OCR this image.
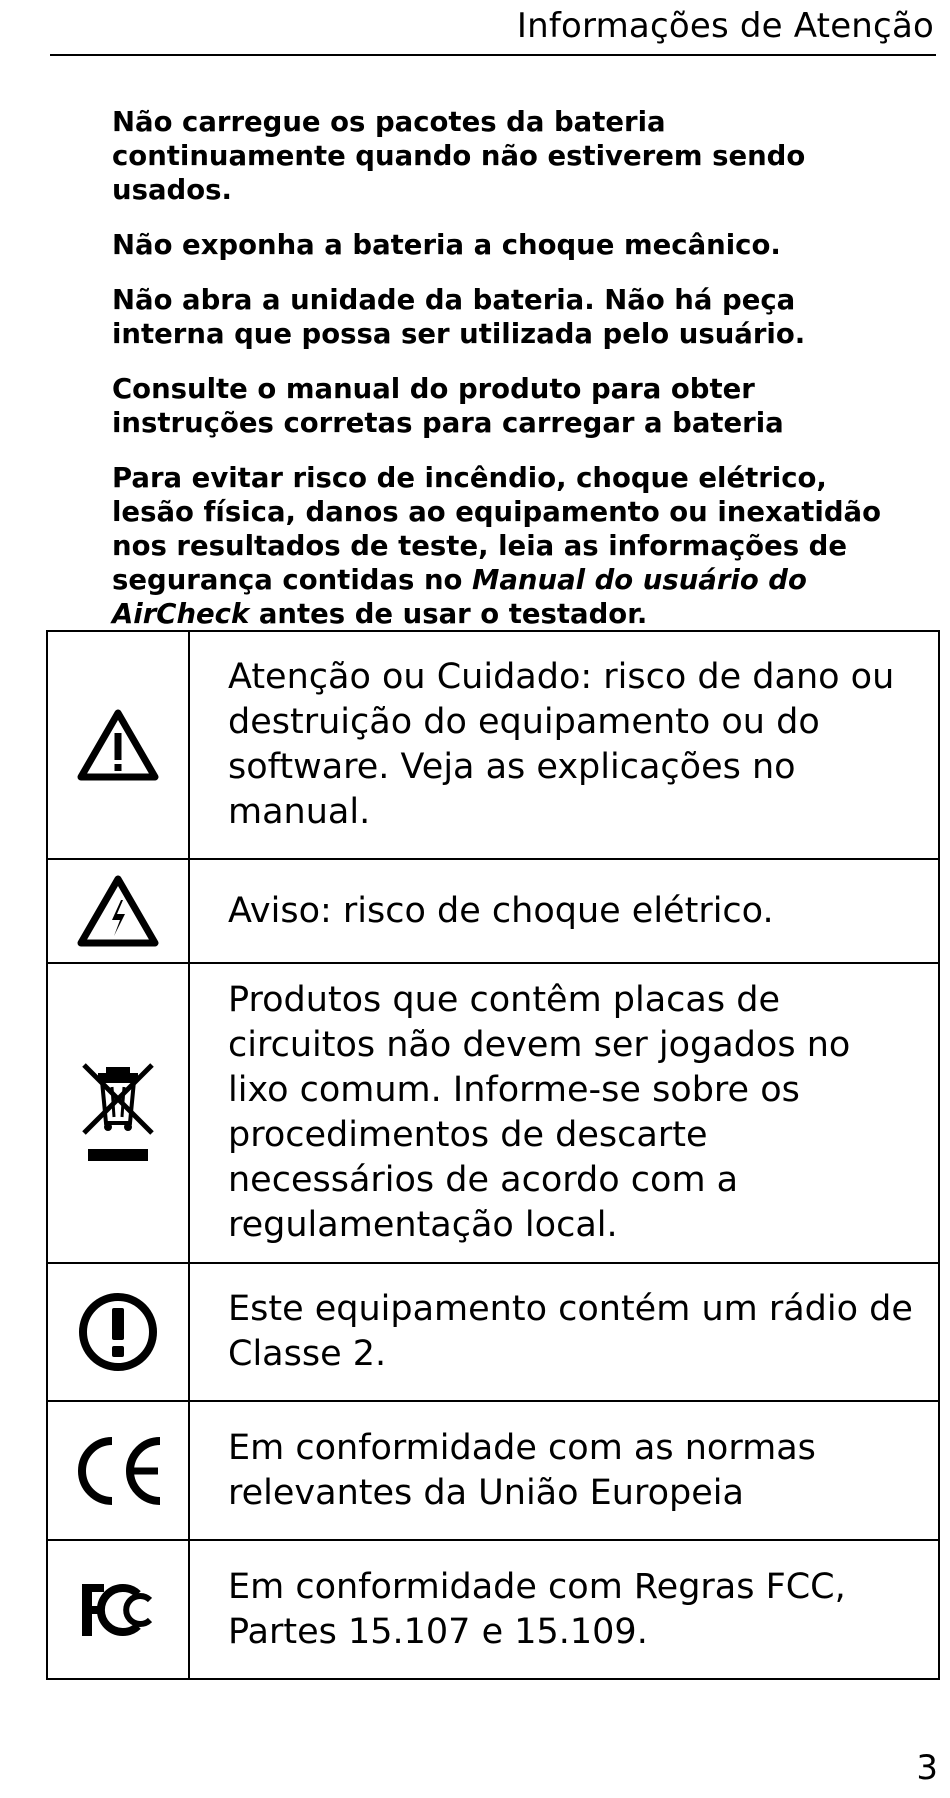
Informações de Atenção

Não carregue os pacotes da bateria continuamente quando não estiverem sendo usados.

Não exponha a bateria a choque mecânico.

Não abra a unidade da bateria. Não há peça interna que possa ser utilizada pelo usuário.

Consulte o manual do produto para obter instruções corretas para carregar a bateria

Para evitar risco de incêndio, choque elétrico, lesão física, danos ao equipamento ou inexatidão nos resultados de teste, leia as informações de segurança contidas no Manual do usuário do AirCheck antes de usar o testador.

	Atenção ou Cuidado: risco de dano ou destruição do equipamento ou do software. Veja as explicações no manual.

	Aviso: risco de choque elétrico.

	Produtos que contêm placas de circuitos não devem ser jogados no lixo comum. Informe-se sobre os procedimentos de descarte necessários de acordo com a regulamentação local.

	Este equipamento contém um rádio de Classe 2.

	Em conformidade com as normas relevantes da União Europeia

	Em conformidade com Regras FCC, Partes 15.107 e 15.109.
3
